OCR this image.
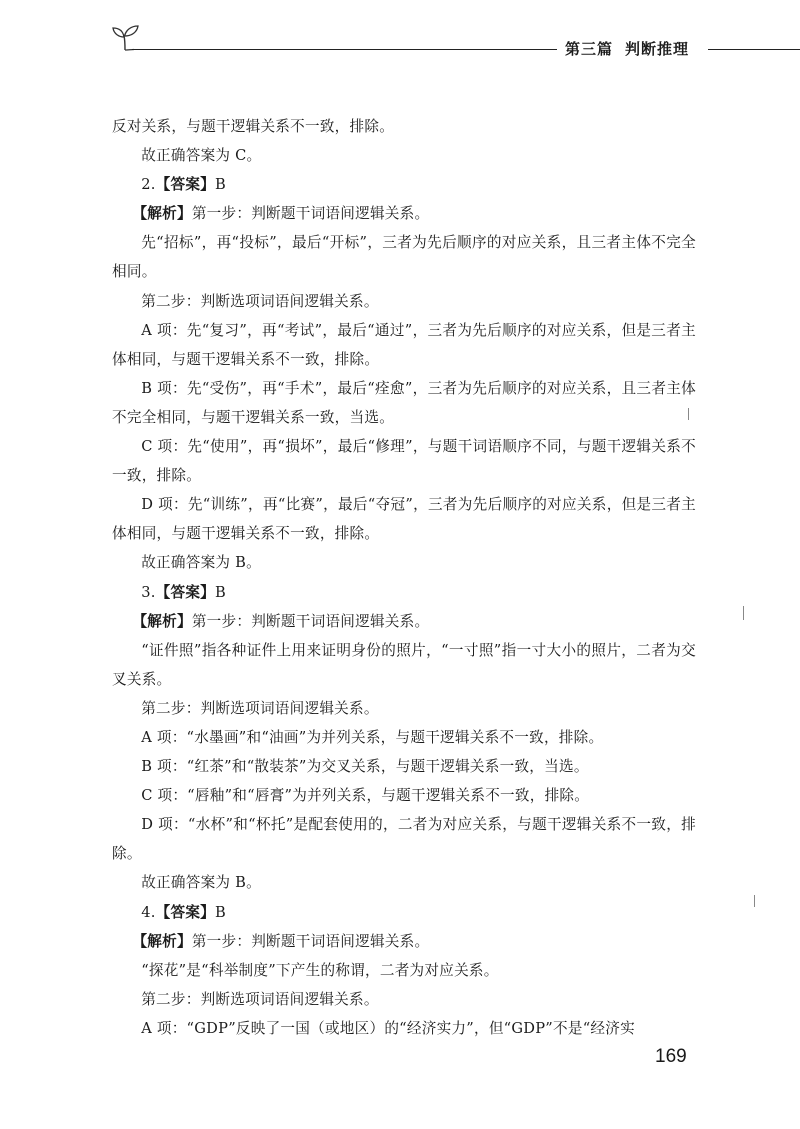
第三篇 判断推理

反对关系，与题干逻辑关系不一致，排除。

故正确答案为 C。

2.【答案】B

【解析】第一步：判断题干词语间逻辑关系。

先“招标”，再“投标”，最后“开标”，三者为先后顺序的对应关系，且三者主体不完全相同。

第二步：判断选项词语间逻辑关系。

A 项：先“复习”，再“考试”，最后“通过”，三者为先后顺序的对应关系，但是三者主体相同，与题干逻辑关系不一致，排除。

B 项：先“受伤”，再“手术”，最后“痊愈”，三者为先后顺序的对应关系，且三者主体不完全相同，与题干逻辑关系一致，当选。

C 项：先“使用”，再“损坏”，最后“修理”，与题干词语顺序不同，与题干逻辑关系不一致，排除。

D 项：先“训练”，再“比赛”，最后“夺冠”，三者为先后顺序的对应关系，但是三者主体相同，与题干逻辑关系不一致，排除。

故正确答案为 B。

3.【答案】B

【解析】第一步：判断题干词语间逻辑关系。

“证件照”指各种证件上用来证明身份的照片，“一寸照”指一寸大小的照片，二者为交叉关系。

第二步：判断选项词语间逻辑关系。

A 项：“水墨画”和“油画”为并列关系，与题干逻辑关系不一致，排除。

B 项：“红茶”和“散装茶”为交叉关系，与题干逻辑关系一致，当选。

C 项：“唇釉”和“唇膏”为并列关系，与题干逻辑关系不一致，排除。

D 项：“水杯”和“杯托”是配套使用的，二者为对应关系，与题干逻辑关系不一致，排除。

故正确答案为 B。

4.【答案】B

【解析】第一步：判断题干词语间逻辑关系。

“探花”是“科举制度”下产生的称谓，二者为对应关系。

第二步：判断选项词语间逻辑关系。

A 项：“GDP”反映了一国（或地区）的“经济实力”，但“GDP”不是“经济实

169
